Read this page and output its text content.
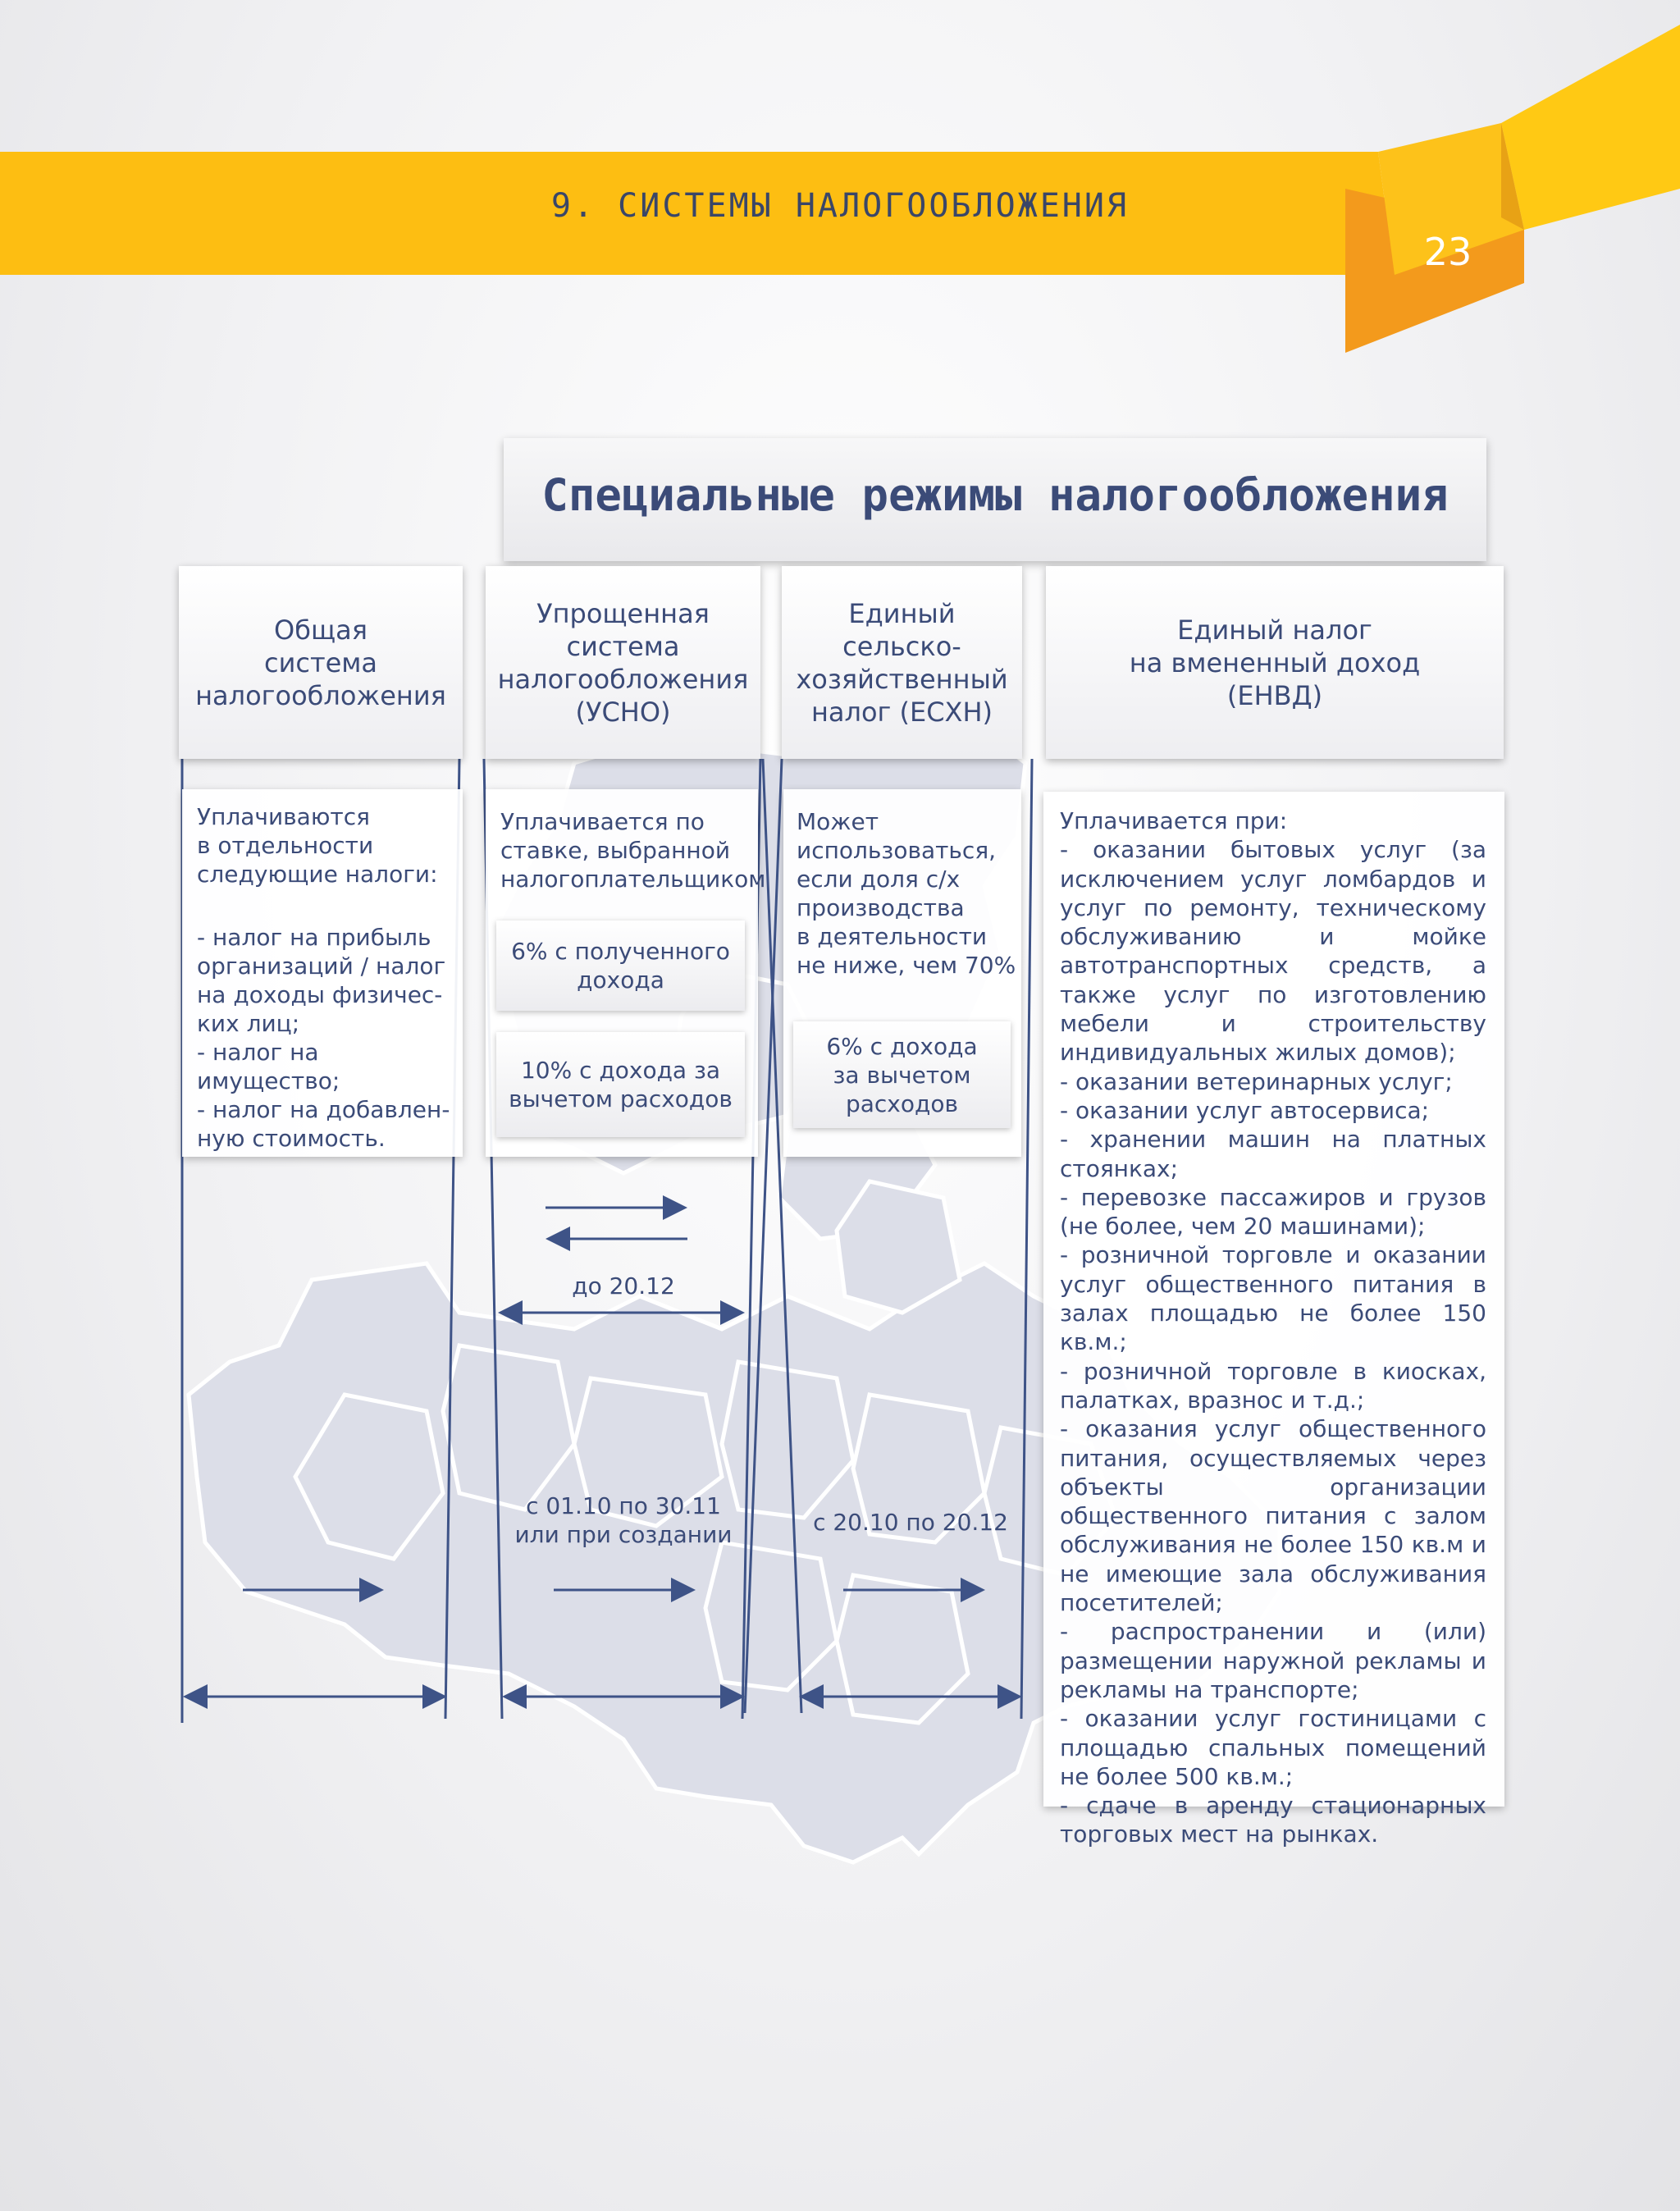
9. СИСТЕМЫ НАЛОГООБЛОЖЕНИЯ
23
Специальные режимы налогообложения
Общая
система
налогообложения
Упрощенная
система
налогообложения
(УСНО)
Единый
сельско-
хозяйственный
налог (ЕСХН)
Единый налог
на вмененный доход
(ЕНВД)
Уплачиваются
в отдельности
следующие налоги:
- налог на прибыль
организаций / налог
на доходы физичес-
ких лиц;
- налог на имущество;
- налог на добавлен-
ную стоимость.
Уплачивается по
ставке, выбранной
налогоплательщиком
6% с полученного
дохода
10% с дохода за
вычетом расходов
Может
использоваться,
если доля с/х
производства
в деятельности
не ниже, чем 70%
6% с дохода
за вычетом
расходов
Уплачивается при:
- оказании бытовых услуг (за исключением услуг ломбардов и услуг по ремонту, техническому обслуживанию и мойке автотранспортных средств, а также услуг по изготовлению мебели и строительству индивидуальных жилых домов);
- оказании ветеринарных услуг;
- оказании услуг автосервиса;
- хранении машин на платных стоянках;
- перевозке пассажиров и грузов (не более, чем 20 машинами);
- розничной торговле и оказании услуг общественного питания в залах площадью не более 150 кв.м.;
- розничной торговле в киосках, палатках, вразнос и т.д.;
- оказания услуг общественного питания, осуществляемых через объекты организации общественного питания с залом обслуживания не более 150 кв.м и не имеющие зала обслуживания посетителей;
- распространении и (или) размещении наружной рекламы и рекламы на транспорте;
- оказании услуг гостиницами с площадью спальных помещений не более 500 кв.м.;
- сдаче в аренду стационарных торговых мест на рынках.
до 20.12
с 01.10 по 30.11
или при создании	с 20.10 по 20.12
